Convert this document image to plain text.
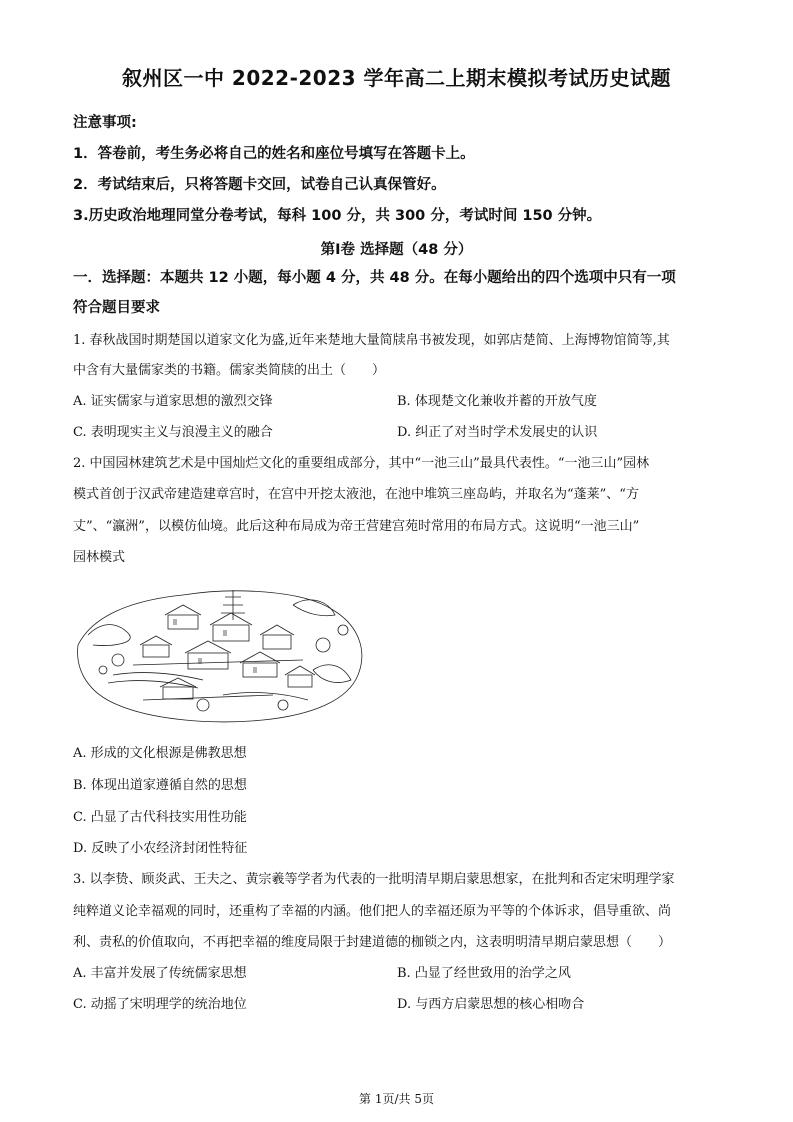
叙州区一中 2022-2023 学年高二上期末模拟考试历史试题
注意事项:
1．答卷前，考生务必将自己的姓名和座位号填写在答题卡上。
2．考试结束后，只将答题卡交回，试卷自己认真保管好。
3.历史政治地理同堂分卷考试，每科 100 分，共 300 分，考试时间 150 分钟。
第Ⅰ卷 选择题（48 分）
一．选择题：本题共 12 小题，每小题 4 分，共 48 分。在每小题给出的四个选项中只有一项
符合题目要求
1. 春秋战国时期楚国以道家文化为盛,近年来楚地大量简牍帛书被发现，如郭店楚简、上海博物馆简等,其
中含有大量儒家类的书籍。儒家类简牍的出土（　　）
A. 证实儒家与道家思想的激烈交锋	B. 体现楚文化兼收并蓄的开放气度
C. 表明现实主义与浪漫主义的融合	D. 纠正了对当时学术发展史的认识
2. 中国园林建筑艺术是中国灿烂文化的重要组成部分，其中“一池三山”最具代表性。“一池三山”园林
模式首创于汉武帝建造建章宫时，在宫中开挖太液池，在池中堆筑三座岛屿，并取名为“蓬莱”、“方
丈”、“瀛洲”，以模仿仙境。此后这种布局成为帝王营建宫苑时常用的布局方式。这说明“一池三山”
园林模式
A. 形成的文化根源是佛教思想
B. 体现出道家遵循自然的思想
C. 凸显了古代科技实用性功能
D. 反映了小农经济封闭性特征
3. 以李贽、顾炎武、王夫之、黄宗羲等学者为代表的一批明清早期启蒙思想家，在批判和否定宋明理学家
纯粹道义论幸福观的同时，还重构了幸福的内涵。他们把人的幸福还原为平等的个体诉求，倡导重欲、尚
利、责私的价值取向，不再把幸福的维度局限于封建道德的枷锁之内，这表明明清早期启蒙思想（　　）
A. 丰富并发展了传统儒家思想	B. 凸显了经世致用的治学之风
C. 动摇了宋明理学的统治地位	D. 与西方启蒙思想的核心相吻合
第 1页/共 5页
